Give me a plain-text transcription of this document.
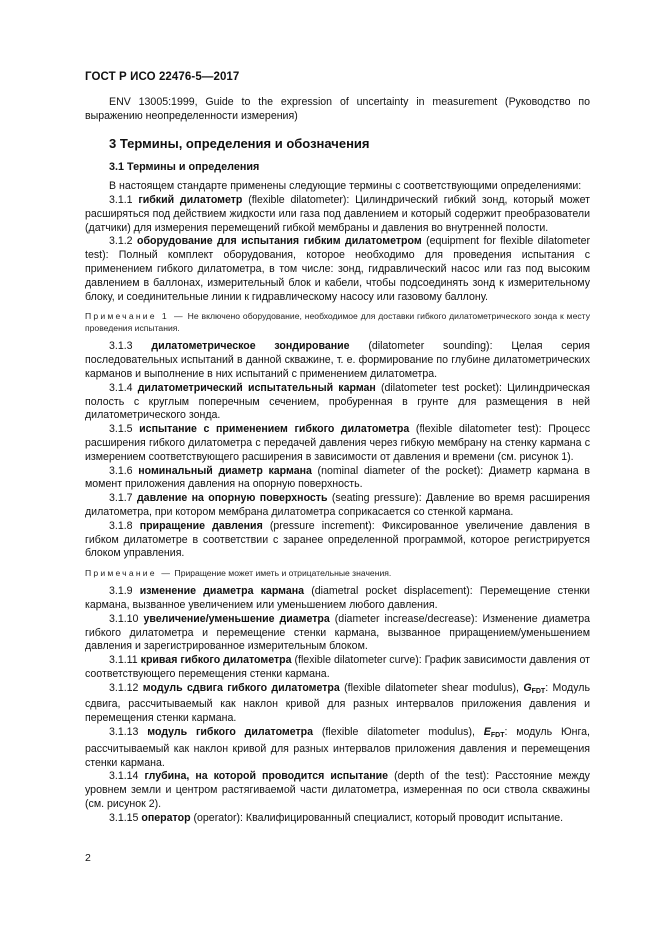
ГОСТ Р ИСО 22476-5—2017

ENV 13005:1999, Guide to the expression of uncertainty in measurement (Руководство по выражению неопределенности измерения)

3 Термины, определения и обозначения
3.1 Термины и определения

В настоящем стандарте применены следующие термины с соответствующими определениями:

3.1.1 гибкий дилатометр (flexible dilatometer): Цилиндрический гибкий зонд, который может расширяться под действием жидкости или газа под давлением и который содержит преобразователи (датчики) для измерения перемещений гибкой мембраны и давления во внутренней полости.

3.1.2 оборудование для испытания гибким дилатометром (equipment for flexible dilatometer test): Полный комплект оборудования, которое необходимо для проведения испытания с применением гибкого дилатометра, в том числе: зонд, гидравлический насос или газ под высоким давлением в баллонах, измерительный блок и кабели, чтобы подсоединять зонд к измерительному блоку, и соединительные линии к гидравлическому насосу или газовому баллону.

Примечание 1 — Не включено оборудование, необходимое для доставки гибкого дилатометрического зонда к месту проведения испытания.

3.1.3 дилатометрическое зондирование (dilatometer sounding): Целая серия последовательных испытаний в данной скважине, т. е. формирование по глубине дилатометрических карманов и выполнение в них испытаний с применением дилатометра.

3.1.4 дилатометрический испытательный карман (dilatometer test pocket): Цилиндрическая полость с круглым поперечным сечением, пробуренная в грунте для размещения в ней дилатометрического зонда.

3.1.5 испытание с применением гибкого дилатометра (flexible dilatometer test): Процесс расширения гибкого дилатометра с передачей давления через гибкую мембрану на стенку кармана с измерением соответствующего расширения в зависимости от давления и времени (см. рисунок 1).

3.1.6 номинальный диаметр кармана (nominal diameter of the pocket): Диаметр кармана в момент приложения давления на опорную поверхность.

3.1.7 давление на опорную поверхность (seating pressure): Давление во время расширения дилатометра, при котором мембрана дилатометра соприкасается со стенкой кармана.

3.1.8 приращение давления (pressure increment): Фиксированное увеличение давления в гибком дилатометре в соответствии с заранее определенной программой, которое регистрируется блоком управления.

Примечание — Приращение может иметь и отрицательные значения.

3.1.9 изменение диаметра кармана (diametral pocket displacement): Перемещение стенки кармана, вызванное увеличением или уменьшением любого давления.

3.1.10 увеличение/уменьшение диаметра (diameter increase/decrease): Изменение диаметра гибкого дилатометра и перемещение стенки кармана, вызванное приращением/уменьшением давления и зарегистрированное измерительным блоком.

3.1.11 кривая гибкого дилатометра (flexible dilatometer curve): График зависимости давления от соответствующего перемещения стенки кармана.

3.1.12 модуль сдвига гибкого дилатометра (flexible dilatometer shear modulus), $G_{FDT}$: Модуль сдвига, рассчитываемый как наклон кривой для разных интервалов приложения давления и перемещения стенки кармана.

3.1.13 модуль гибкого дилатометра (flexible dilatometer modulus), $E_{FDT}$: модуль Юнга, рассчитываемый как наклон кривой для разных интервалов приложения давления и перемещения стенки кармана.

3.1.14 глубина, на которой проводится испытание (depth of the test): Расстояние между уровнем земли и центром растягиваемой части дилатометра, измеренная по оси ствола скважины (см. рисунок 2).

3.1.15 оператор (operator): Квалифицированный специалист, который проводит испытание.

2
